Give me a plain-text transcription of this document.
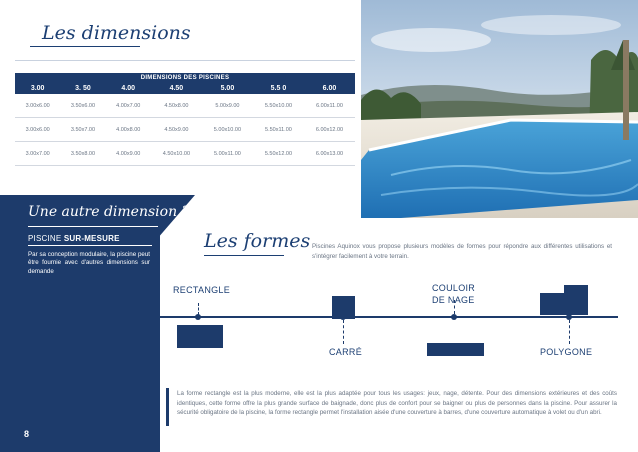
Les dimensions
DIMENSIONS DES PISCINES						
3.00	3. 50	4.00	4.50	5.00	5.5 0	6.00
3.00x6.00	3.50x6.00	4.00x7.00	4.50x8.00	5.00x9.00	5.50x10.00	6.00x11.00
3.00x6.00	3.50x7.00	4.00x8.00	4.50x9.00	5.00x10.00	5.50x11.00	6.00x12.00
3.00x7.00	3.50x8.00	4.00x9.00	4.50x10.00	5.00x11.00	5.50x12.00	6.00x13.00
Une autre dimension ?
PISCINE SUR-MESURE
Par sa conception modulaire, la piscine peut être fournie avec d'autres dimensions sur demande
8
Les formes Piscines Aquinox vous propose plusieurs modèles de formes pour répondre aux différentes utilisations et s'intégrer facilement à votre terrain.
RECTANGLE	COULOIR
DE NAGE
CARRÉ	POLYGONE
La forme rectangle est la plus moderne, elle est la plus adaptée pour tous les usages: jeux, nage, détente. Pour des dimensions extérieures et des coûts identiques, cette forme offre la plus grande surface de baignade, donc plus de confort pour se baigner ou plus de personnes dans la piscine. Pour assurer la sécurité obligatoire de la piscine, la forme rectangle permet l'installation aisée d'une couverture à barres, d'une couverture automatique à volet ou d'un abri.
